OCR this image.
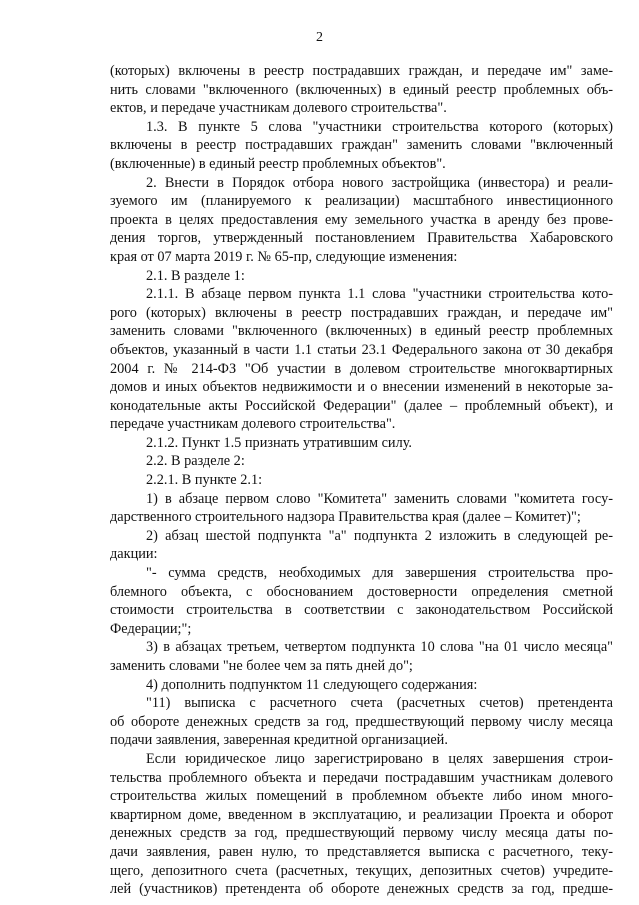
2

(которых) включены в реестр пострадавших граждан, и передаче им" заме-

нить словами "включенного (включенных) в единый реестр проблемных объ-

ектов, и передаче участникам долевого строительства".

1.3. В пункте 5 слова "участники строительства которого (которых)

включены в реестр пострадавших граждан" заменить словами "включенный

(включенные) в единый реестр проблемных объектов".

2. Внести в Порядок отбора нового застройщика (инвестора) и реали-

зуемого им (планируемого к реализации) масштабного инвестиционного

проекта в целях предоставления ему земельного участка в аренду без прове-

дения торгов, утвержденный постановлением Правительства Хабаровского

края от 07 марта 2019 г. № 65-пр, следующие изменения:

2.1. В разделе 1:

2.1.1. В абзаце первом пункта 1.1 слова "участники строительства кото-

рого (которых) включены в реестр пострадавших граждан, и передаче им"

заменить словами "включенного (включенных) в единый реестр проблемных

объектов, указанный в части 1.1 статьи 23.1 Федерального закона от 30 декабря

2004 г. № 214-ФЗ "Об участии в долевом строительстве многоквартирных

домов и иных объектов недвижимости и о внесении изменений в некоторые за-

конодательные акты Российской Федерации" (далее – проблемный объект), и

передаче участникам долевого строительства".

2.1.2. Пункт 1.5 признать утратившим силу.

2.2. В разделе 2:

2.2.1. В пункте 2.1:

1) в абзаце первом слово "Комитета" заменить словами "комитета госу-

дарственного строительного надзора Правительства края (далее – Комитет)";

2) абзац шестой подпункта "а" подпункта 2 изложить в следующей ре-

дакции:

"- сумма средств, необходимых для завершения строительства про-

блемного объекта, с обоснованием достоверности определения сметной

стоимости строительства в соответствии с законодательством Российской

Федерации;";

3) в абзацах третьем, четвертом подпункта 10 слова "на 01 число месяца"

заменить словами "не более чем за пять дней до";

4) дополнить подпунктом 11 следующего содержания:

"11) выписка с расчетного счета (расчетных счетов) претендента

об обороте денежных средств за год, предшествующий первому числу месяца

подачи заявления, заверенная кредитной организацией.

Если юридическое лицо зарегистрировано в целях завершения строи-

тельства проблемного объекта и передачи пострадавшим участникам долевого

строительства жилых помещений в проблемном объекте либо ином много-

квартирном доме, введенном в эксплуатацию, и реализации Проекта и оборот

денежных средств за год, предшествующий первому числу месяца даты по-

дачи заявления, равен нулю, то представляется выписка с расчетного, теку-

щего, депозитного счета (расчетных, текущих, депозитных счетов) учредите-

лей (участников) претендента об обороте денежных средств за год, предше-
